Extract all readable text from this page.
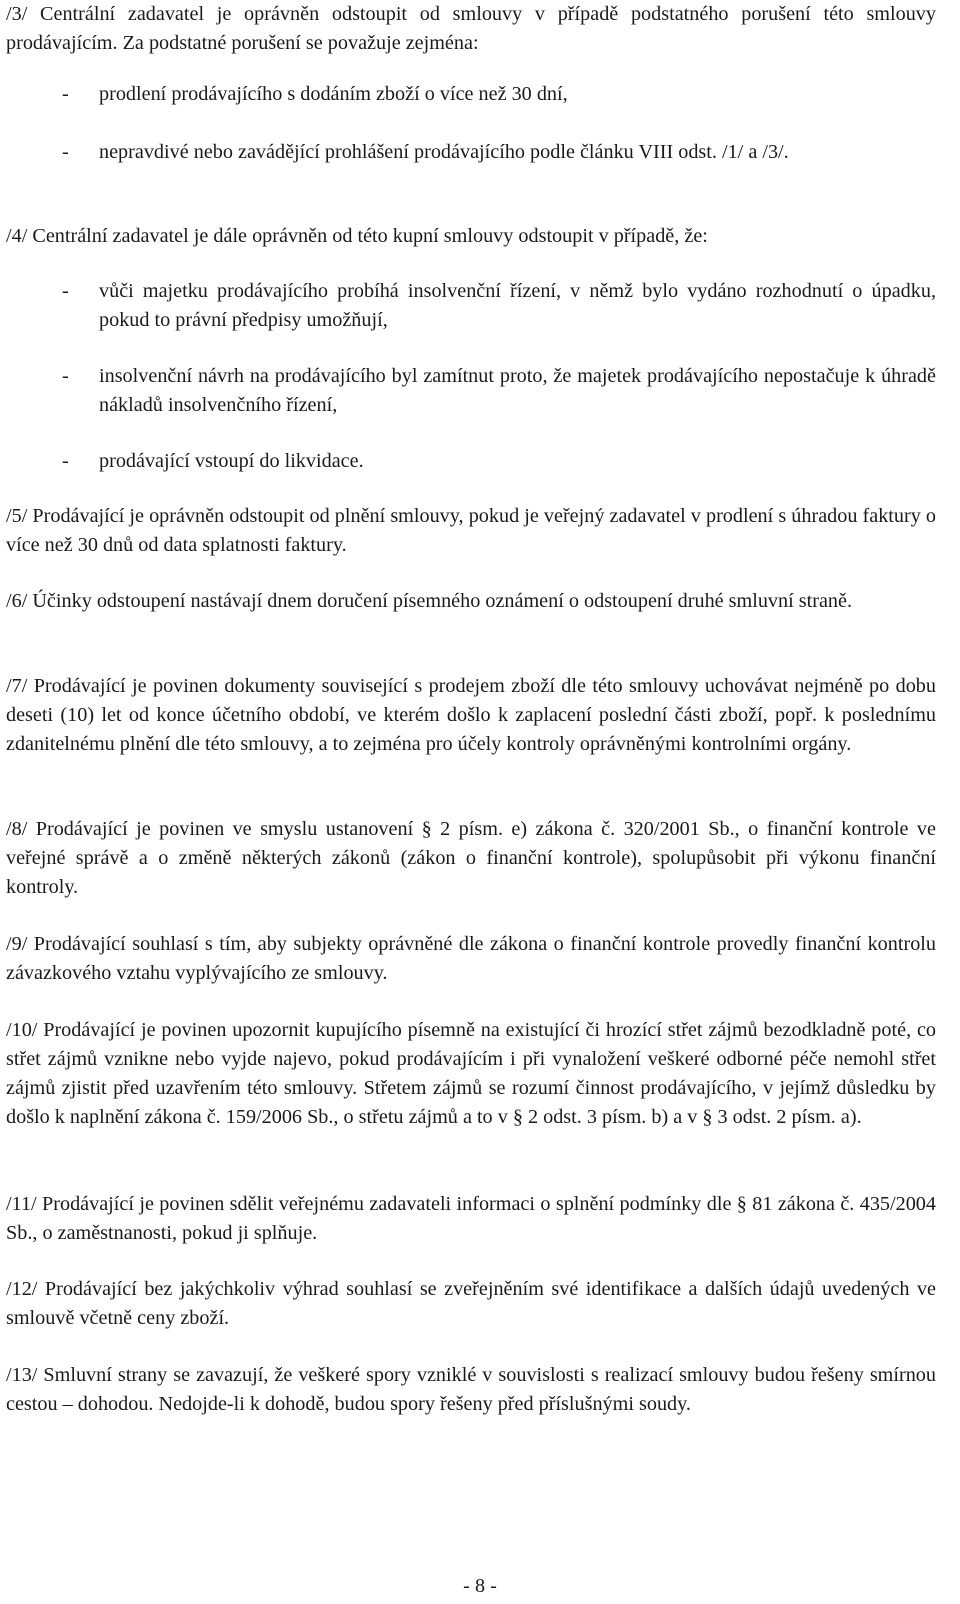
/3/ Centrální zadavatel je oprávněn odstoupit od smlouvy v případě podstatného porušení této smlouvy prodávajícím. Za podstatné porušení se považuje zejména:

- prodlení prodávajícího s dodáním zboží o více než 30 dní,
- nepravdivé nebo zavádějící prohlášení prodávajícího podle článku VIII odst. /1/ a /3/.

/4/ Centrální zadavatel je dále oprávněn od této kupní smlouvy odstoupit v případě, že:

- vůči majetku prodávajícího probíhá insolvenční řízení, v němž bylo vydáno rozhodnutí o úpadku, pokud to právní předpisy umožňují,
- insolvenční návrh na prodávajícího byl zamítnut proto, že majetek prodávajícího nepostačuje k úhradě nákladů insolvenčního řízení,
- prodávající vstoupí do likvidace.

/5/ Prodávající je oprávněn odstoupit od plnění smlouvy, pokud je veřejný zadavatel v prodlení s úhradou faktury o více než 30 dnů od data splatnosti faktury.

/6/ Účinky odstoupení nastávají dnem doručení písemného oznámení o odstoupení druhé smluvní straně.

/7/ Prodávající je povinen dokumenty související s prodejem zboží dle této smlouvy uchovávat nejméně po dobu deseti (10) let od konce účetního období, ve kterém došlo k zaplacení poslední části zboží, popř. k poslednímu zdanitelnému plnění dle této smlouvy, a to zejména pro účely kontroly oprávněnými kontrolními orgány.

/8/ Prodávající je povinen ve smyslu ustanovení § 2 písm. e) zákona č. 320/2001 Sb., o finanční kontrole ve veřejné správě a o změně některých zákonů (zákon o finanční kontrole), spolupůsobit při výkonu finanční kontroly.

/9/ Prodávající souhlasí s tím, aby subjekty oprávněné dle zákona o finanční kontrole provedly finanční kontrolu závazkového vztahu vyplývajícího ze smlouvy.

/10/ Prodávající je povinen upozornit kupujícího písemně na existující či hrozící střet zájmů bezodkladně poté, co střet zájmů vznikne nebo vyjde najevo, pokud prodávajícím i při vynaložení veškeré odborné péče nemohl střet zájmů zjistit před uzavřením této smlouvy. Střetem zájmů se rozumí činnost prodávajícího, v jejímž důsledku by došlo k naplnění zákona č. 159/2006 Sb., o střetu zájmů a to v § 2 odst. 3 písm. b) a v § 3 odst. 2 písm. a).

/11/ Prodávající je povinen sdělit veřejnému zadavateli informaci o splnění podmínky dle § 81 zákona č. 435/2004 Sb., o zaměstnanosti, pokud ji splňuje.

/12/ Prodávající bez jakýchkoliv výhrad souhlasí se zveřejněním své identifikace a dalších údajů uvedených ve smlouvě včetně ceny zboží.

/13/ Smluvní strany se zavazují, že veškeré spory vzniklé v souvislosti s realizací smlouvy budou řešeny smírnou cestou – dohodou. Nedojde-li k dohodě, budou spory řešeny před příslušnými soudy.

- 8 -
